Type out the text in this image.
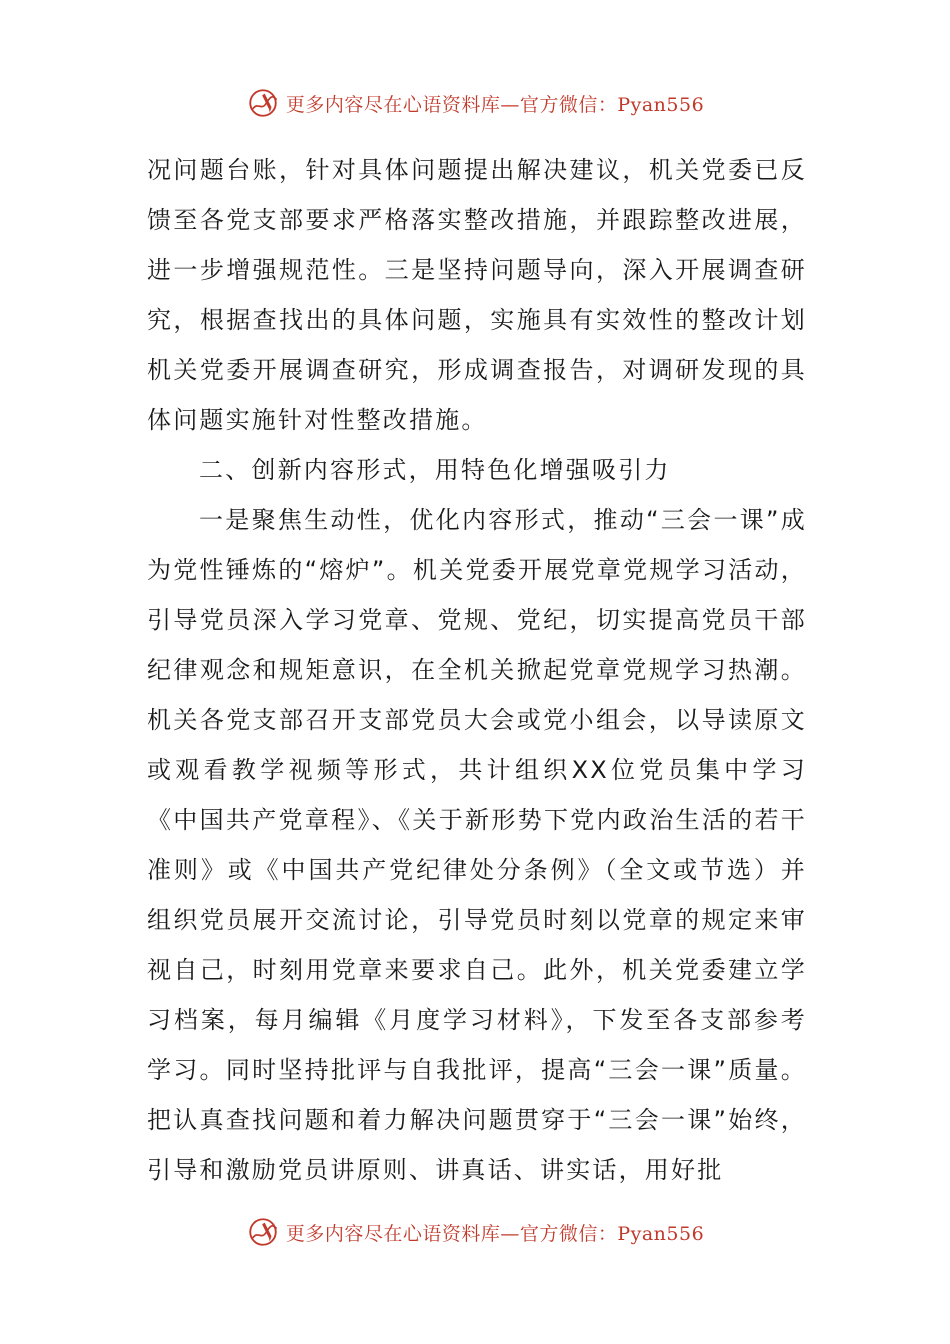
更多内容尽在心语资料库—官方微信：Pyan556

况问题台账，针对具体问题提出解决建议，机关党委已反馈至各党支部要求严格落实整改措施，并跟踪整改进展，进一步增强规范性。三是坚持问题导向，深入开展调查研究，根据查找出的具体问题，实施具有实效性的整改计划机关党委开展调查研究，形成调查报告，对调研发现的具体问题实施针对性整改措施。

二、创新内容形式，用特色化增强吸引力

一是聚焦生动性，优化内容形式，推动“三会一课”成为党性锤炼的“熔炉”。机关党委开展党章党规学习活动，引导党员深入学习党章、党规、党纪，切实提高党员干部纪律观念和规矩意识，在全机关掀起党章党规学习热潮。机关各党支部召开支部党员大会或党小组会，以导读原文或观看教学视频等形式，共计组织XX位党员集中学习《中国共产党章程》、《关于新形势下党内政治生活的若干准则》或《中国共产党纪律处分条例》（全文或节选）并组织党员展开交流讨论，引导党员时刻以党章的规定来审视自己，时刻用党章来要求自己。此外，机关党委建立学习档案，每月编辑《月度学习材料》，下发至各支部参考学习。同时坚持批评与自我批评，提高“三会一课”质量。把认真查找问题和着力解决问题贯穿于“三会一课”始终，引导和激励党员讲原则、讲真话、讲实话，用好批

更多内容尽在心语资料库—官方微信：Pyan556
